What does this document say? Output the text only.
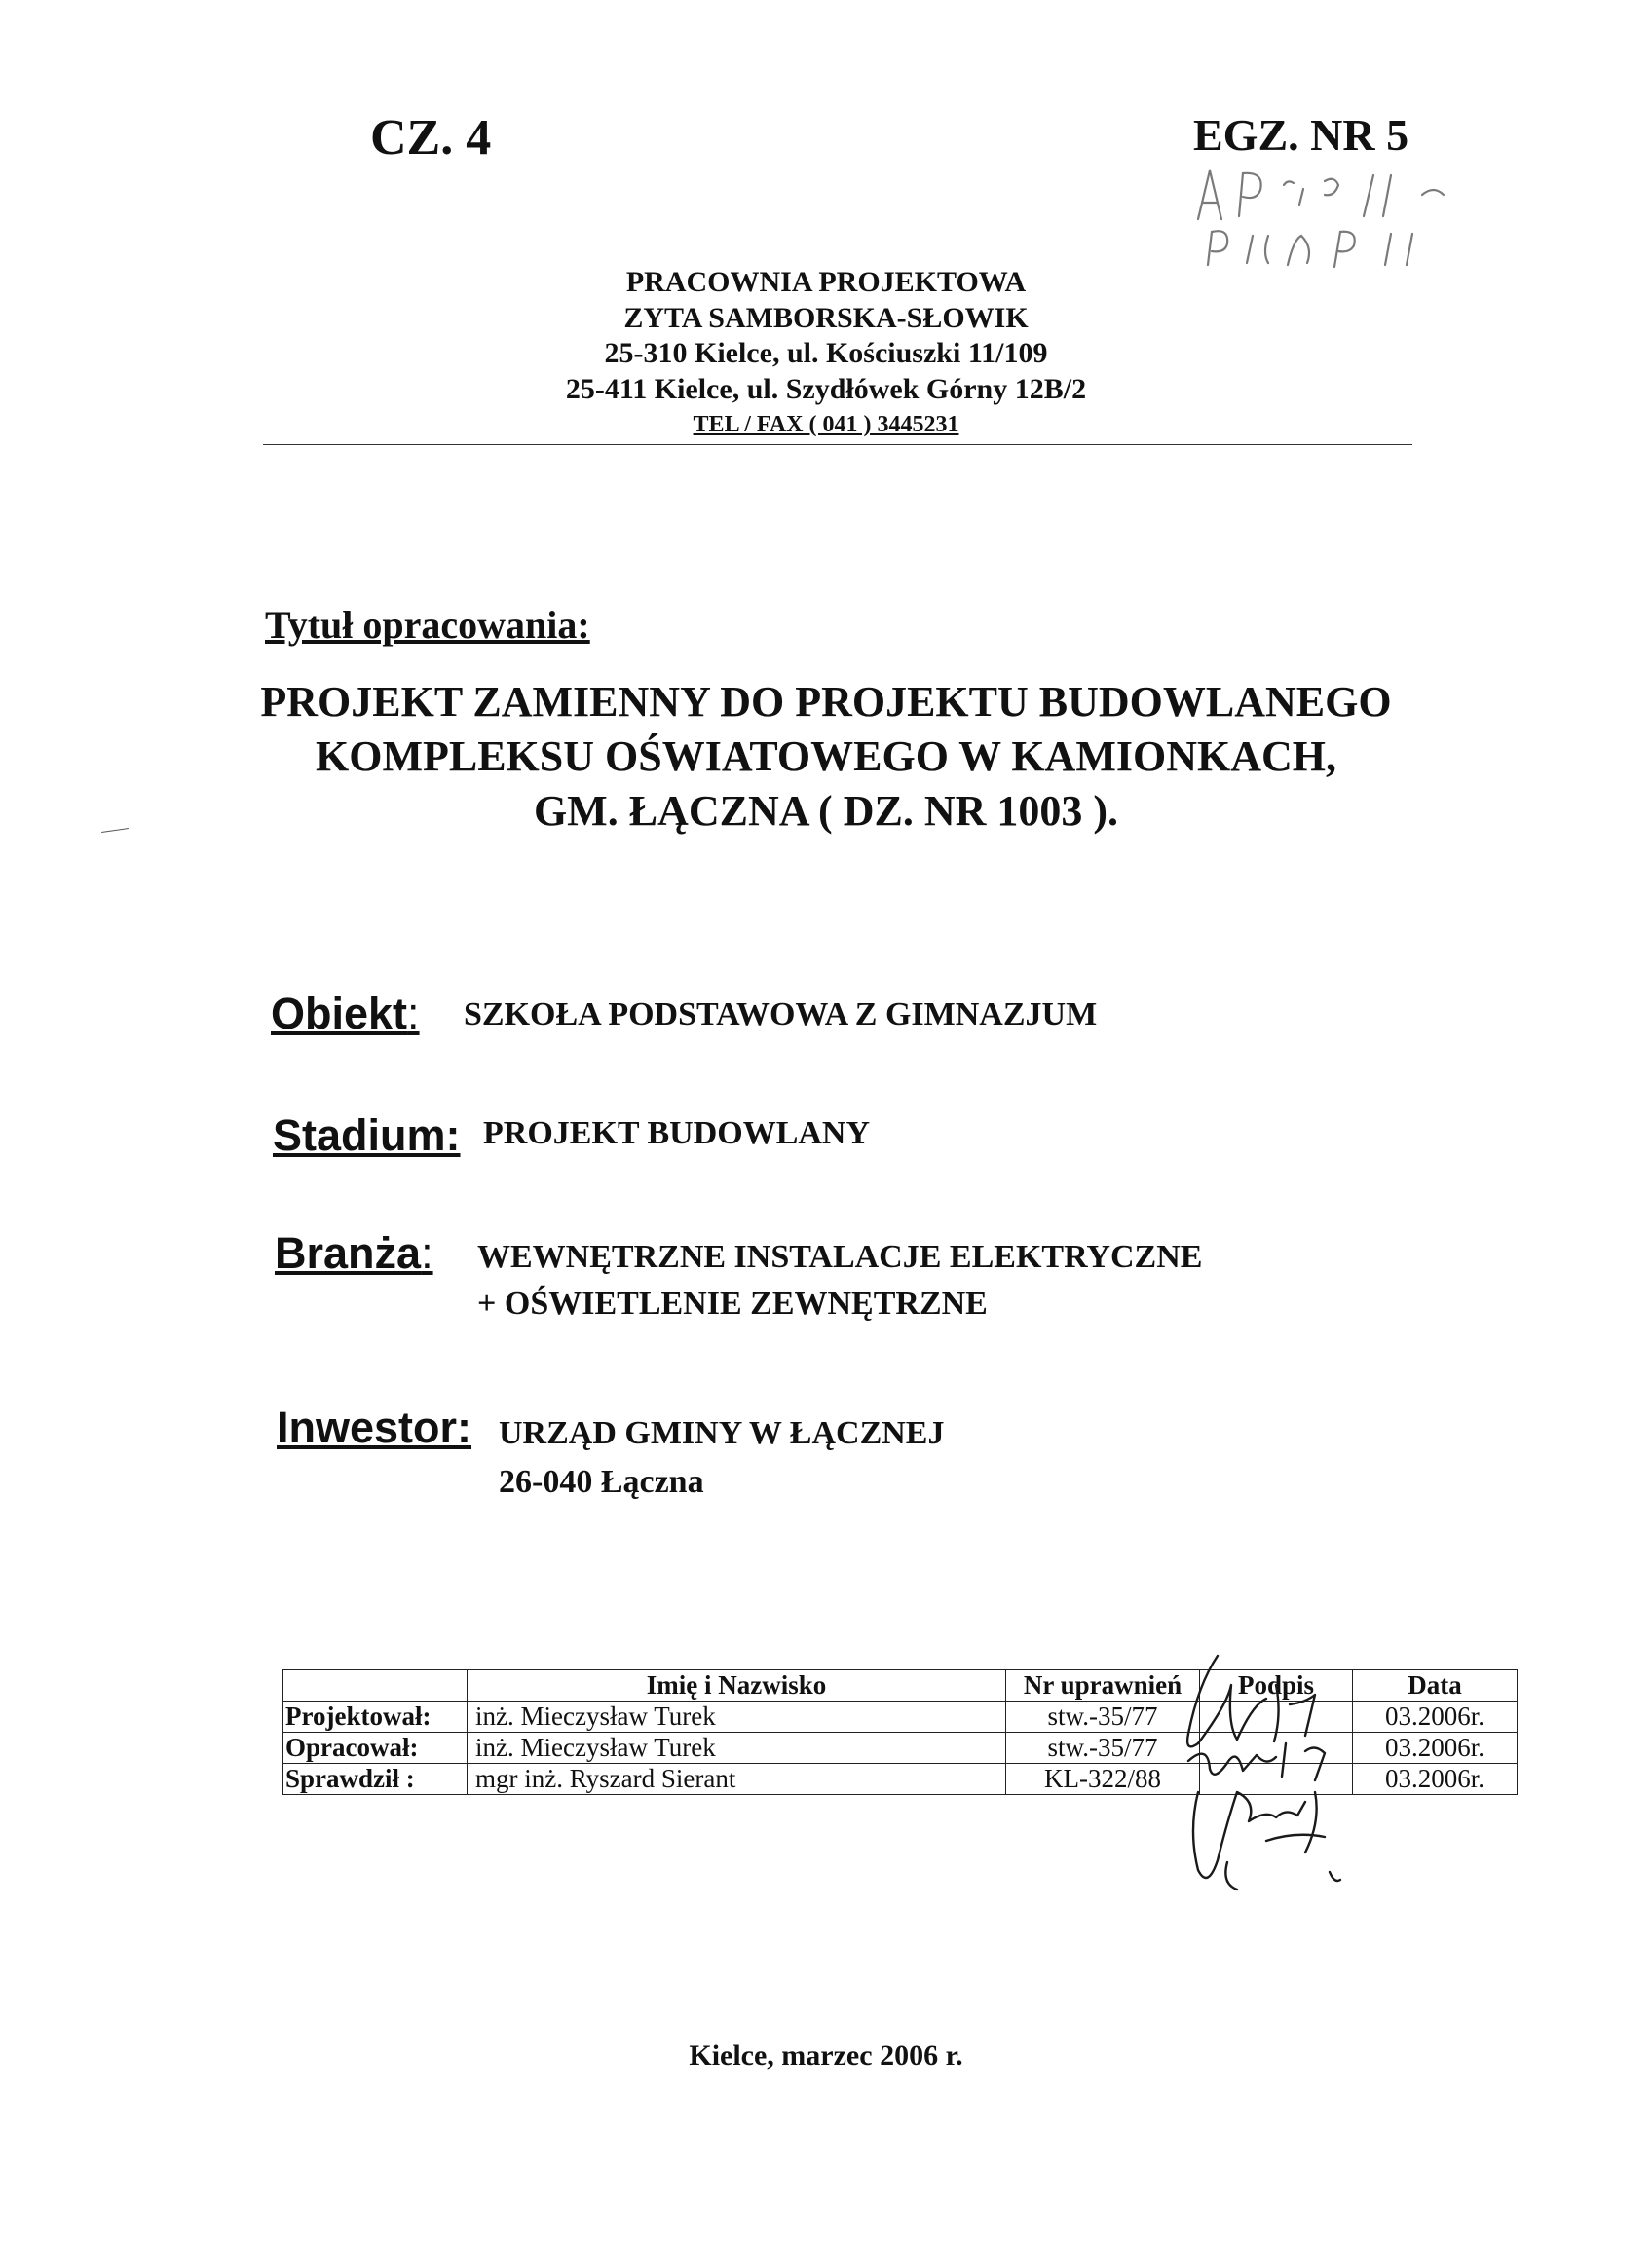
CZ. 4	EGZ. NR 5
PRACOWNIA PROJEKTOWA
ZYTA SAMBORSKA-SŁOWIK
25-310 Kielce, ul. Kościuszki 11/109
25-411 Kielce, ul. Szydłówek Górny 12B/2
TEL / FAX ( 041 ) 3445231
Tytuł opracowania:
PROJEKT ZAMIENNY DO PROJEKTU BUDOWLANEGO
KOMPLEKSU OŚWIATOWEGO W KAMIONKACH,
GM. ŁĄCZNA ( DZ. NR 1003 ).
Obiekt: SZKOŁA PODSTAWOWA Z GIMNAZJUM
Stadium: PROJEKT BUDOWLANY
Branża: WEWNĘTRZNE INSTALACJE ELEKTRYCZNE
+ OŚWIETLENIE ZEWNĘTRZNE
Inwestor: URZĄD GMINY W ŁĄCZNEJ
26-040 Łączna
	Imię i Nazwisko	Nr uprawnień	Podpis	Data
Projektował:	inż. Mieczysław Turek	stw.-35/77		03.2006r.
Opracował:	inż. Mieczysław Turek	stw.-35/77		03.2006r.
Sprawdził :	mgr inż. Ryszard Sierant	KL-322/88		03.2006r.
Kielce, marzec 2006 r.
